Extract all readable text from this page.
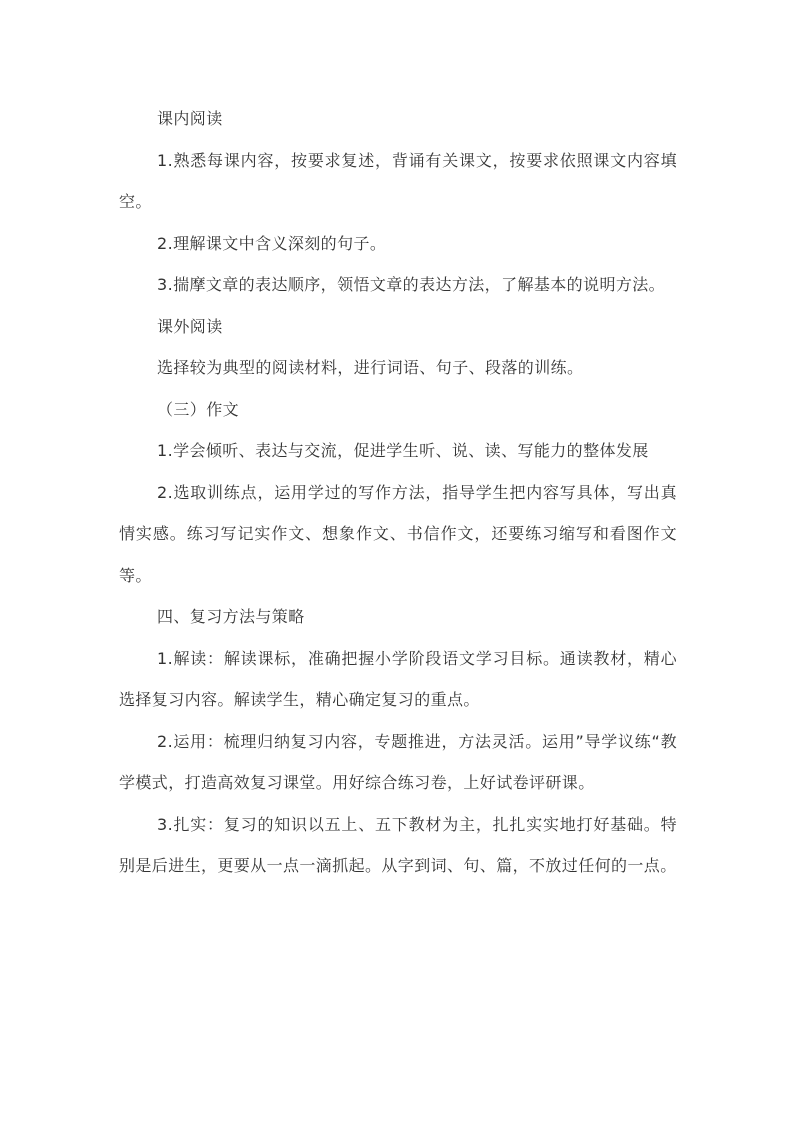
课内阅读

1.熟悉每课内容，按要求复述，背诵有关课文，按要求依照课文内容填空。

2.理解课文中含义深刻的句子。

3.揣摩文章的表达顺序，领悟文章的表达方法，了解基本的说明方法。

课外阅读

选择较为典型的阅读材料，进行词语、句子、段落的训练。

（三）作文

1.学会倾听、表达与交流，促进学生听、说、读、写能力的整体发展

2.选取训练点，运用学过的写作方法，指导学生把内容写具体，写出真情实感。练习写记实作文、想象作文、书信作文，还要练习缩写和看图作文等。

四、复习方法与策略

1.解读：解读课标，准确把握小学阶段语文学习目标。通读教材，精心选择复习内容。解读学生，精心确定复习的重点。

2.运用：梳理归纳复习内容，专题推进，方法灵活。运用”导学议练“教学模式，打造高效复习课堂。用好综合练习卷，上好试卷评研课。

3.扎实：复习的知识以五上、五下教材为主，扎扎实实地打好基础。特别是后进生，更要从一点一滴抓起。从字到词、句、篇，不放过任何的一点。
